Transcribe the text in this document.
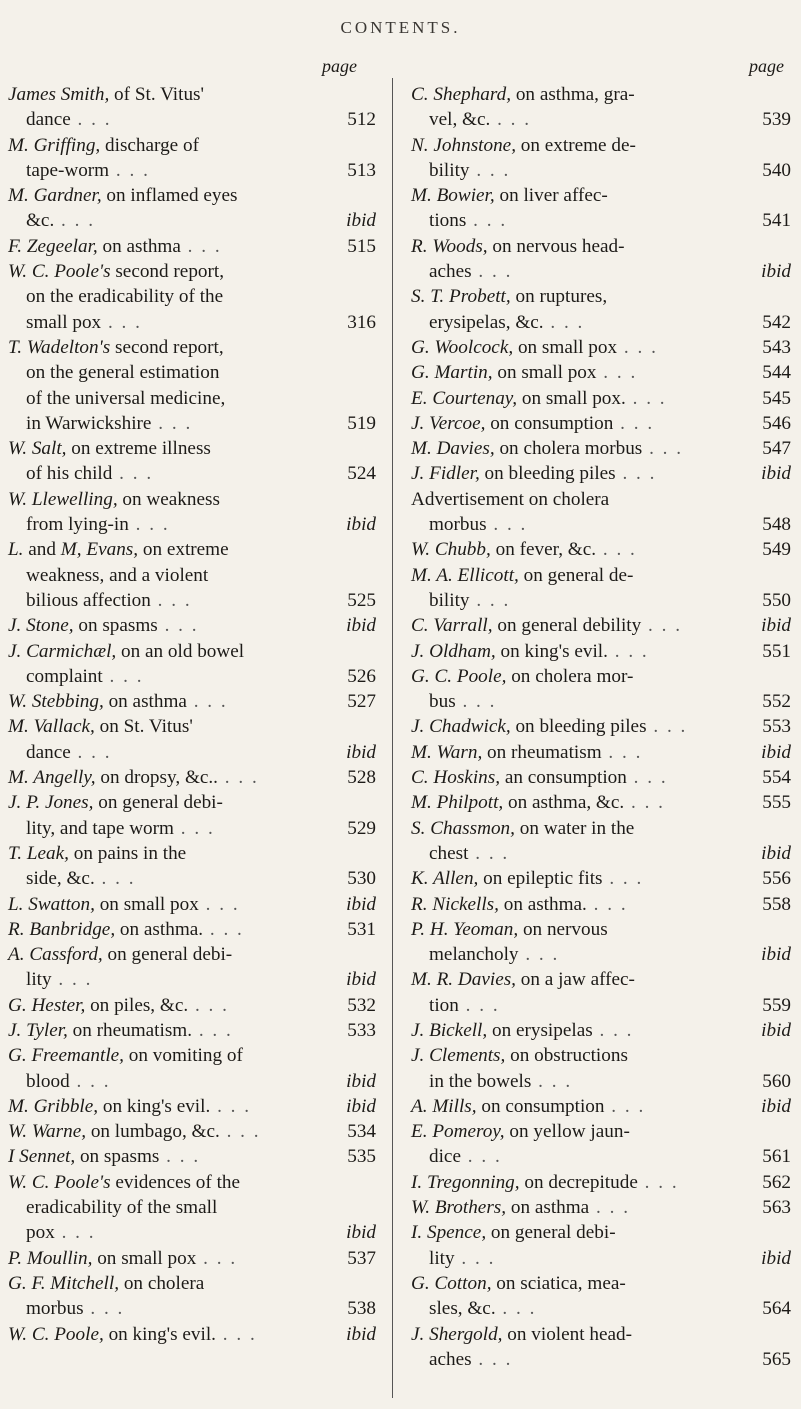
CONTENTS.
page	page
James Smith, of St. Vitus'
dance . . .	512
M. Griffing, discharge of
tape-worm . . .	513
M. Gardner, on inflamed eyes
&c. . . .	ibid
F. Zegeelar, on asthma . . .	515
W. C. Poole's second report,
on the eradicability of the
small pox . . .	316
T. Wadelton's second report,
on the general estimation
of the universal medicine,
in Warwickshire . . .	519
W. Salt, on extreme illness
of his child . . .	524
W. Llewelling, on weakness
from lying-in . . .	ibid
L. and M, Evans, on extreme
weakness, and a violent
bilious affection . . .	525
J. Stone, on spasms . . .	ibid
J. Carmichæl, on an old bowel
complaint . . .	526
W. Stebbing, on asthma . . .	527
M. Vallack, on St. Vitus'
dance . . .	ibid
M. Angelly, on dropsy, &c.. . . .	528
J. P. Jones, on general debi-
lity, and tape worm . . .	529
T. Leak, on pains in the
side, &c. . . .	530
L. Swatton, on small pox . . .	ibid
R. Banbridge, on asthma. . . .	531
A. Cassford, on general debi-
lity . . .	ibid
G. Hester, on piles, &c. . . .	532
J. Tyler, on rheumatism. . . .	533
G. Freemantle, on vomiting of
blood . . .	ibid
M. Gribble, on king's evil. . . .	ibid
W. Warne, on lumbago, &c. . . .	534
I Sennet, on spasms . . .	535
W. C. Poole's evidences of the
eradicability of the small
pox . . .	ibid
P. Moullin, on small pox . . .	537
G. F. Mitchell, on cholera
morbus . . .	538
W. C. Poole, on king's evil. . . .	ibid
C. Shephard, on asthma, gra-
vel, &c. . . .	539
N. Johnstone, on extreme de-
bility . . .	540
M. Bowier, on liver affec-
tions . . .	541
R. Woods, on nervous head-
aches . . .	ibid
S. T. Probett, on ruptures,
erysipelas, &c. . . .	542
G. Woolcock, on small pox . . .	543
G. Martin, on small pox . . .	544
E. Courtenay, on small pox. . . .	545
J. Vercoe, on consumption . . .	546
M. Davies, on cholera morbus . . .	547
J. Fidler, on bleeding piles . . .	ibid
Advertisement on cholera
morbus . . .	548
W. Chubb, on fever, &c. . . .	549
M. A. Ellicott, on general de-
bility . . .	550
C. Varrall, on general debility . . .	ibid
J. Oldham, on king's evil. . . .	551
G. C. Poole, on cholera mor-
bus . . .	552
J. Chadwick, on bleeding piles . . .	553
M. Warn, on rheumatism . . .	ibid
C. Hoskins, an consumption . . .	554
M. Philpott, on asthma, &c. . . .	555
S. Chassmon, on water in the
chest . . .	ibid
K. Allen, on epileptic fits . . .	556
R. Nickells, on asthma. . . .	558
P. H. Yeoman, on nervous
melancholy . . .	ibid
M. R. Davies, on a jaw affec-
tion . . .	559
J. Bickell, on erysipelas . . .	ibid
J. Clements, on obstructions
in the bowels . . .	560
A. Mills, on consumption . . .	ibid
E. Pomeroy, on yellow jaun-
dice . . .	561
I. Tregonning, on decrepitude . . .	562
W. Brothers, on asthma . . .	563
I. Spence, on general debi-
lity . . .	ibid
G. Cotton, on sciatica, mea-
sles, &c. . . .	564
J. Shergold, on violent head-
aches . . .	565
